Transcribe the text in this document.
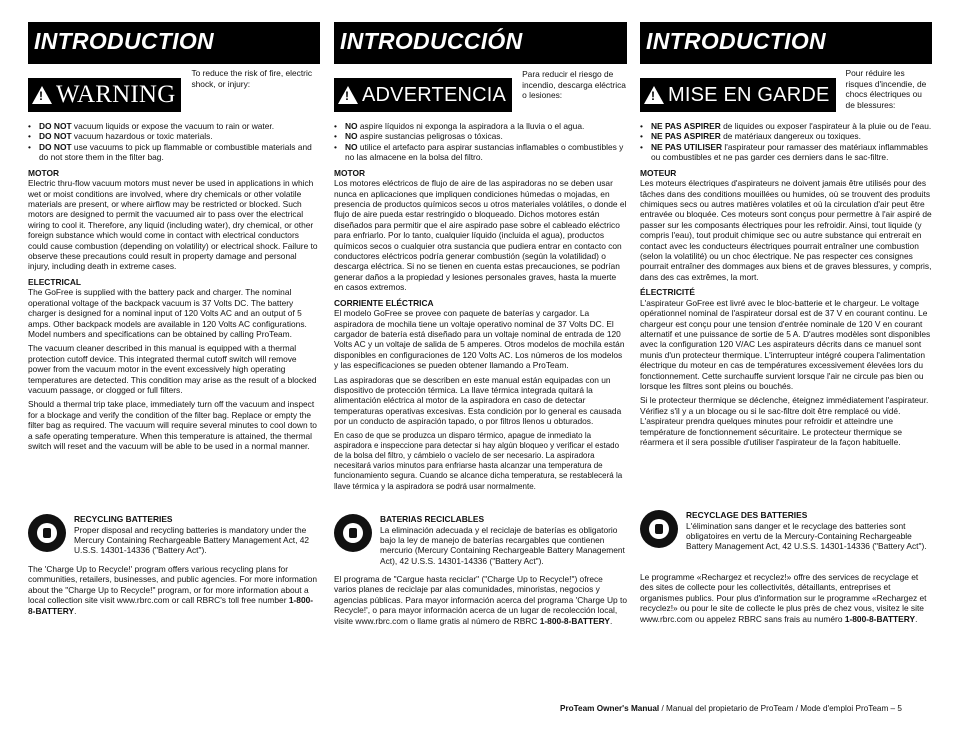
INTRODUCTION
!
WARNING
To reduce the risk of fire, electric shock, or injury:
• DO NOT vacuum liquids or expose the vacuum to rain or water.
• DO NOT vacuum hazardous or toxic materials.
• DO NOT use vacuums to pick up flammable or combustible materials and do not store them in the filter bag.
MOTOR
Electric thru-flow vacuum motors must never be used in applications in which wet or moist conditions are involved, where dry chemicals or other volatile materials are present, or where airflow may be restricted or blocked. Such motors are designed to permit the vacuumed air to pass over the electrical wiring to cool it. Therefore, any liquid (including water), dry chemical, or other foreign substance which would come in contact with electrical conductors could cause combustion (depending on volatility) or electrical shock. Failure to observe these precautions could result in property damage and personal injury, including death in extreme cases.
ELECTRICAL
The GoFree is supplied with the battery pack and charger. The nominal operational voltage of the backpack vacuum is 37 Volts DC. The battery charger is designed for a nominal input of 120 Volts AC and an output of 5 amps. Other backpack models are available in 120 Volts AC configurations. Model numbers and specifications can be obtained by calling ProTeam.
The vacuum cleaner described in this manual is equipped with a thermal protection cutoff device. This integrated thermal cutoff switch will remove power from the vacuum motor in the event excessively high operating temperatures are detected. This condition may arise as the result of a blocked vacuum passage, or clogged or full filters.
Should a thermal trip take place, immediately turn off the vacuum and inspect for a blockage and verify the condition of the filter bag. Replace or empty the filter bag as required. The vacuum will require several minutes to cool down to a safe operating temperature. When this temperature is attained, the thermal switch will reset and the vacuum will be able to be used in a normal manner.
RECYCLING BATTERIES
Proper disposal and recycling batteries is mandatory under the Mercury Containing Rechargeable Battery Management Act, 42 U.S.S. 14301-14336 ("Battery Act").
The 'Charge Up to Recycle!' program offers various recycling plans for communities, retailers, businesses, and public agencies. For more information about the "Charge Up to Recycle!" program, or for more information about a local collection site visit www.rbrc.com or call RBRC's toll free number 1-800-8-BATTERY.
INTRODUCCIÓN
!
ADVERTENCIA
Para reducir el riesgo de incendio, descarga eléctrica o lesiones:
• NO aspire líquidos ni exponga la aspiradora a la lluvia o el agua.
• NO aspire sustancias peligrosas o tóxicas.
• NO utilice el artefacto para aspirar sustancias inflamables o combustibles y no las almacene en la bolsa del filtro.
MOTOR
Los motores eléctricos de flujo de aire de las aspiradoras no se deben usar nunca en aplicaciones que impliquen condiciones húmedas o mojadas, en presencia de productos químicos secos u otros materiales volátiles, o donde el flujo de aire pueda estar restringido o bloqueado. Dichos motores están diseñados para permitir que el aire aspirado pase sobre el cableado eléctrico para enfriarlo. Por lo tanto, cualquier líquido (incluida el agua), productos químicos secos o cualquier otra sustancia que pudiera entrar en contacto con conductores eléctricos podría generar combustión (según la volatilidad) o descarga eléctrica. Si no se tienen en cuenta estas precauciones, se podrían generar daños a la propiedad y lesiones personales graves, hasta la muerte en casos extremos.
CORRIENTE ELÉCTRICA
El modelo GoFree se provee con paquete de baterías y cargador. La aspiradora de mochila tiene un voltaje operativo nominal de 37 Volts DC. El cargador de batería está diseñado para un voltaje nominal de entrada de 120 Volts AC y un voltaje de salida de 5 amperes. Otros modelos de mochila están disponibles en configuraciones de 120 Volts AC. Los números de los modelos y las especificaciones se pueden obtener llamando a ProTeam.
Las aspiradoras que se describen en este manual están equipadas con un dispositivo de protección térmica. La llave térmica integrada quitará la alimentación eléctrica al motor de la aspiradora en caso de detectar temperaturas operativas excesivas. Esta condición por lo general es causada por un conducto de aspiración tapado, o por filtros llenos u obturados.
En caso de que se produzca un disparo térmico, apague de inmediato la aspiradora e inspeccione para detectar si hay algún bloqueo y verificar el estado de la bolsa del filtro, y cámbielo o vacíelo de ser necesario. La aspiradora necesitará varios minutos para enfriarse hasta alcanzar una temperatura de funcionamiento segura. Cuando se alcance dicha temperatura, se restablecerá la llave térmica y la aspiradora se podrá usar normalmente.
BATERIAS RECICLABLES
La eliminación adecuada y el reciclaje de baterías es obligatorio bajo la ley de manejo de baterías recargables que contienen mercurio (Mercury Containing Rechargeable Battery Management Act), 42 U.S.S. 14301-14336 ("Battery Act").
El programa de "Cargue hasta reciclar" ("Charge Up to Recycle!") ofrece varios planes de reciclaje par alas comunidades, minoristas, negocios y agencias públicas. Para mayor información acerca del programa 'Charge Up to Recycle!', o para mayor información acerca de un lugar de recolección local, visite www.rbrc.com o llame gratis al número de RBRC 1-800-8-BATTERY.
INTRODUCTION
!
MISE EN GARDE
Pour réduire les risques d'incendie, de chocs électriques ou de blessures:
• NE PAS ASPIRER de liquides ou exposer l'aspirateur à la pluie ou de l'eau.
• NE PAS ASPIRER de matériaux dangereux ou toxiques.
• NE PAS UTILISER l'aspirateur pour ramasser des matériaux inflammables ou combustibles et ne pas garder ces derniers dans le sac-filtre.
MOTEUR
Les moteurs électriques d'aspirateurs ne doivent jamais être utilisés pour des tâches dans des conditions mouillées ou humides, où se trouvent des produits chimiques secs ou autres matières volatiles et où la circulation d'air peut être entravée ou bloquée. Ces moteurs sont conçus pour permettre à l'air aspiré de passer sur les composants électriques pour les refroidir. Ainsi, tout liquide (y compris l'eau), tout produit chimique sec ou autre substance qui entrerait en contact avec les conducteurs électriques pourrait entraîner une combustion (selon la volatilité) ou un choc électrique. Ne pas respecter ces consignes pourrait entraîner des dommages aux biens et de graves blessures, y compris, dans des cas extrêmes, la mort.
ÉLECTRICITÉ
L'aspirateur GoFree est livré avec le bloc-batterie et le chargeur. Le voltage opérationnel nominal de l'aspirateur dorsal est de 37 V en courant continu. Le chargeur est conçu pour une tension d'entrée nominale de 120 V en courant alternatif et une puissance de sortie de 5 A. D'autres modèles sont disponibles avec la configuration 120 V/AC Les aspirateurs décrits dans ce manuel sont munis d'un protecteur thermique. L'interrupteur intégré coupera l'alimentation électrique du moteur en cas de températures excessivement élevées lors du fonctionnement. Cette surchauffe survient lorsque l'air ne circule pas bien ou lorsque les filtres sont pleins ou bouchés.
Si le protecteur thermique se déclenche, éteignez immédiatement l'aspirateur. Vérifiez s'il y a un blocage ou si le sac-filtre doit être remplacé ou vidé. L'aspirateur prendra quelques minutes pour refroidir et atteindre une température de fonctionnement sécuritaire. Le protecteur thermique se réarmera et il sera possible d'utiliser l'aspirateur de la façon habituelle.
RECYCLAGE DES BATTERIES
L'élimination sans danger et le recyclage des batteries sont obligatoires en vertu de la Mercury-Containing Rechargeable Battery Management Act, 42 U.S.S. 14301-14336 ("Battery Act").
Le programme «Rechargez et recyclez!» offre des services de recyclage et des sites de collecte pour les collectivités, détaillants, entreprises et organismes publics. Pour plus d'information sur le programme «Rechargez et recyclez!» ou pour le site de collecte le plus près de chez vous, visitez le site www.rbrc.com ou appelez RBRC sans frais au numéro 1-800-8-BATTERY.
ProTeam Owner's Manual / Manual del propietario de ProTeam / Mode d'emploi ProTeam – 5
